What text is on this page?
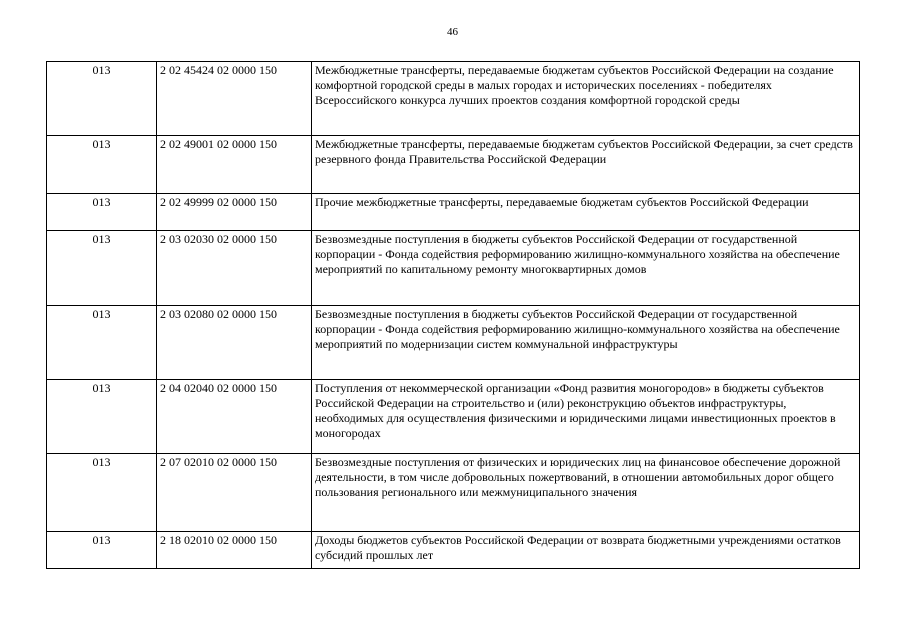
46
013	2 02 45424 02 0000 150	Межбюджетные трансферты, передаваемые бюджетам субъектов Российской Федерации на создание комфортной городской среды в малых городах и исторических поселениях - победителях Всероссийского конкурса лучших проектов создания комфортной городской среды
013	2 02 49001 02 0000 150	Межбюджетные трансферты, передаваемые бюджетам субъектов Российской Федерации, за счет средств резервного фонда Правительства Российской Федерации
013	2 02 49999 02 0000 150	Прочие межбюджетные трансферты, передаваемые бюджетам субъектов Российской Федерации
013	2 03 02030 02 0000 150	Безвозмездные поступления в бюджеты субъектов Российской Федерации от государственной корпорации - Фонда содействия реформированию жилищно-коммунального хозяйства на обеспечение мероприятий по капитальному ремонту многоквартирных домов
013	2 03 02080 02 0000 150	Безвозмездные поступления в бюджеты субъектов Российской Федерации от государственной корпорации - Фонда содействия реформированию жилищно-коммунального хозяйства на обеспечение мероприятий по модернизации систем коммунальной инфраструктуры
013	2 04 02040 02 0000 150	Поступления от некоммерческой организации «Фонд развития моногородов» в бюджеты субъектов Российской Федерации на строительство и (или) реконструкцию объектов инфраструктуры, необходимых для осуществления физическими и юридическими лицами инвестиционных проектов в моногородах
013	2 07 02010 02 0000 150	Безвозмездные поступления от физических и юридических лиц на финансовое обеспечение дорожной деятельности, в том числе добровольных пожертвований, в отношении автомобильных дорог общего пользования регионального или межмуниципального значения
013	2 18 02010 02 0000 150	Доходы бюджетов субъектов Российской Федерации от возврата бюджетными учреждениями остатков субсидий прошлых лет
